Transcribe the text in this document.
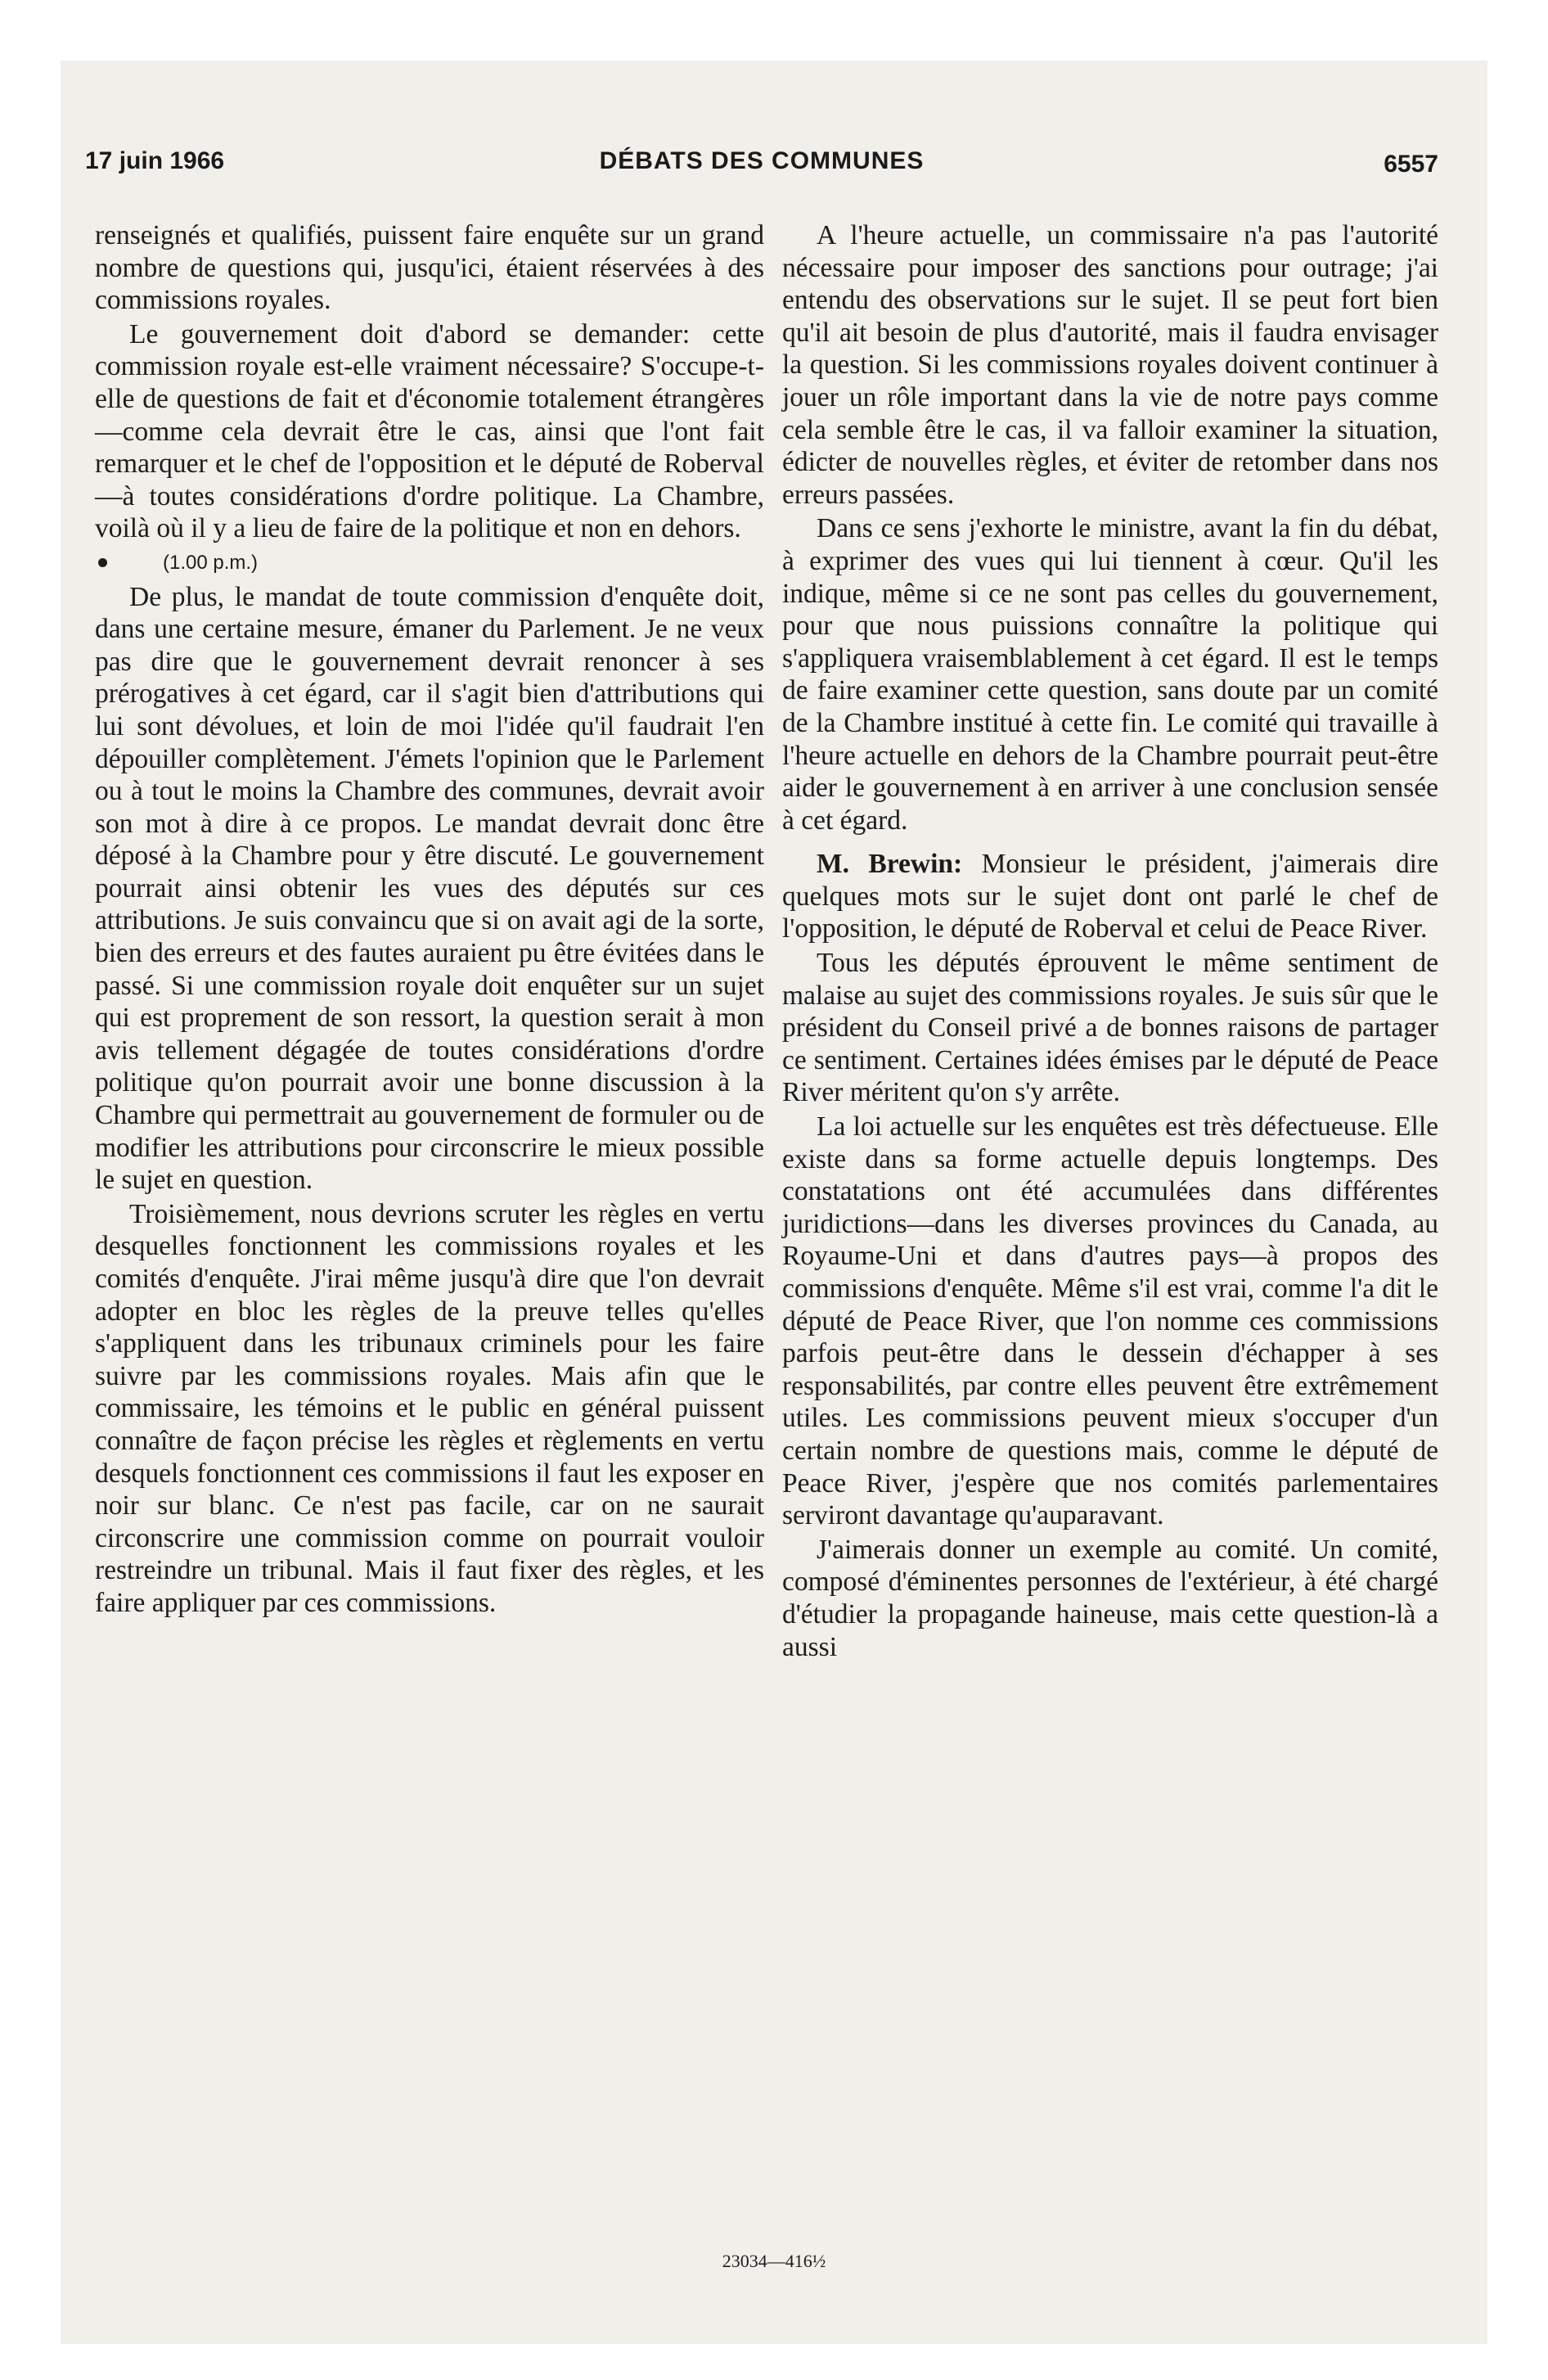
17 juin 1966	DÉBATS DES COMMUNES	6557

renseignés et qualifiés, puissent faire enquête sur un grand nombre de questions qui, jusqu'ici, étaient réservées à des commissions royales.

Le gouvernement doit d'abord se demander: cette commission royale est-elle vraiment nécessaire? S'occupe-t-elle de questions de fait et d'économie totalement étrangères—comme cela devrait être le cas, ainsi que l'ont fait remarquer et le chef de l'opposition et le député de Roberval—à toutes considérations d'ordre politique. La Chambre, voilà où il y a lieu de faire de la politique et non en dehors.

(1.00 p.m.)

De plus, le mandat de toute commission d'enquête doit, dans une certaine mesure, émaner du Parlement. Je ne veux pas dire que le gouvernement devrait renoncer à ses prérogatives à cet égard, car il s'agit bien d'attributions qui lui sont dévolues, et loin de moi l'idée qu'il faudrait l'en dépouiller complètement. J'émets l'opinion que le Parlement ou à tout le moins la Chambre des communes, devrait avoir son mot à dire à ce propos. Le mandat devrait donc être déposé à la Chambre pour y être discuté. Le gouvernement pourrait ainsi obtenir les vues des députés sur ces attributions. Je suis convaincu que si on avait agi de la sorte, bien des erreurs et des fautes auraient pu être évitées dans le passé. Si une commission royale doit enquêter sur un sujet qui est proprement de son ressort, la question serait à mon avis tellement dégagée de toutes considérations d'ordre politique qu'on pourrait avoir une bonne discussion à la Chambre qui permettrait au gouvernement de formuler ou de modifier les attributions pour circonscrire le mieux possible le sujet en question.

Troisièmement, nous devrions scruter les règles en vertu desquelles fonctionnent les commissions royales et les comités d'enquête. J'irai même jusqu'à dire que l'on devrait adopter en bloc les règles de la preuve telles qu'elles s'appliquent dans les tribunaux criminels pour les faire suivre par les commissions royales. Mais afin que le commissaire, les témoins et le public en général puissent connaître de façon précise les règles et règlements en vertu desquels fonctionnent ces commissions il faut les exposer en noir sur blanc. Ce n'est pas facile, car on ne saurait circonscrire une commission comme on pourrait vouloir restreindre un tribunal. Mais il faut fixer des règles, et les faire appliquer par ces commissions.

A l'heure actuelle, un commissaire n'a pas l'autorité nécessaire pour imposer des sanctions pour outrage; j'ai entendu des observations sur le sujet. Il se peut fort bien qu'il ait besoin de plus d'autorité, mais il faudra envisager la question. Si les commissions royales doivent continuer à jouer un rôle important dans la vie de notre pays comme cela semble être le cas, il va falloir examiner la situation, édicter de nouvelles règles, et éviter de retomber dans nos erreurs passées.

Dans ce sens j'exhorte le ministre, avant la fin du débat, à exprimer des vues qui lui tiennent à cœur. Qu'il les indique, même si ce ne sont pas celles du gouvernement, pour que nous puissions connaître la politique qui s'appliquera vraisemblablement à cet égard. Il est le temps de faire examiner cette question, sans doute par un comité de la Chambre institué à cette fin. Le comité qui travaille à l'heure actuelle en dehors de la Chambre pourrait peut-être aider le gouvernement à en arriver à une conclusion sensée à cet égard.

M. Brewin: Monsieur le président, j'aimerais dire quelques mots sur le sujet dont ont parlé le chef de l'opposition, le député de Roberval et celui de Peace River.

Tous les députés éprouvent le même sentiment de malaise au sujet des commissions royales. Je suis sûr que le président du Conseil privé a de bonnes raisons de partager ce sentiment. Certaines idées émises par le député de Peace River méritent qu'on s'y arrête.

La loi actuelle sur les enquêtes est très défectueuse. Elle existe dans sa forme actuelle depuis longtemps. Des constatations ont été accumulées dans différentes juridictions—dans les diverses provinces du Canada, au Royaume-Uni et dans d'autres pays—à propos des commissions d'enquête. Même s'il est vrai, comme l'a dit le député de Peace River, que l'on nomme ces commissions parfois peut-être dans le dessein d'échapper à ses responsabilités, par contre elles peuvent être extrêmement utiles. Les commissions peuvent mieux s'occuper d'un certain nombre de questions mais, comme le député de Peace River, j'espère que nos comités parlementaires serviront davantage qu'auparavant.

J'aimerais donner un exemple au comité. Un comité, composé d'éminentes personnes de l'extérieur, à été chargé d'étudier la propagande haineuse, mais cette question-là a aussi

23034—416½
